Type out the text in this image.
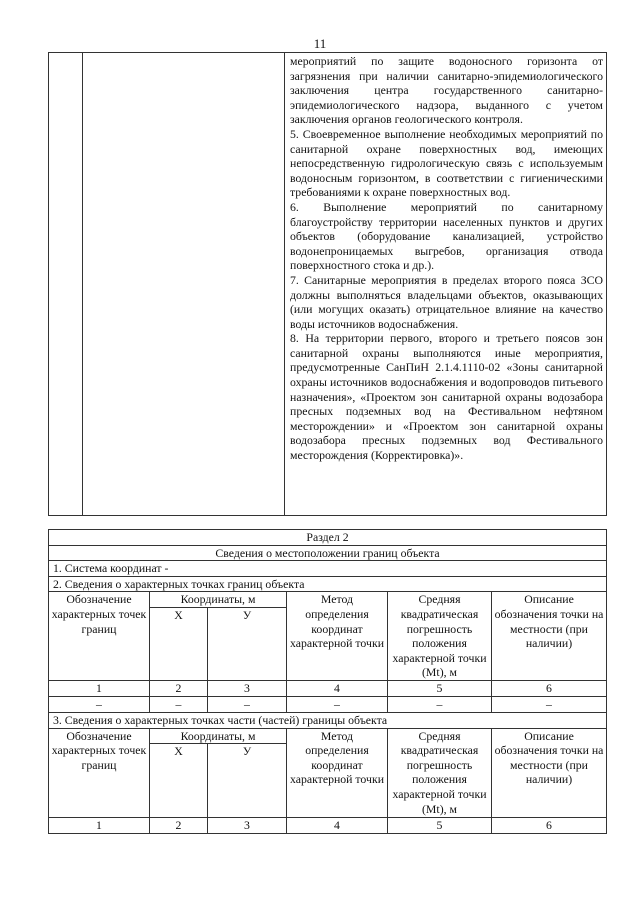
11

мероприятий по защите водоносного горизонта от загрязнения при наличии санитарно-эпидемиологического заключения центра государственного санитарно-эпидемиологического надзора, выданного с учетом заключения органов геологического контроля.

5. Своевременное выполнение необходимых мероприятий по санитарной охране поверхностных вод, имеющих непосредственную гидрологическую связь с используемым водоносным горизонтом, в соответствии с гигиеническими требованиями к охране поверхностных вод.

6. Выполнение мероприятий по санитарному благоустройству территории населенных пунктов и других объектов (оборудование канализацией, устройство водонепроницаемых выгребов, организация отвода поверхностного стока и др.).

7. Санитарные мероприятия в пределах второго пояса ЗСО должны выполняться владельцами объектов, оказывающих (или могущих оказать) отрицательное влияние на качество воды источников водоснабжения.

8. На территории первого, второго и третьего поясов зон санитарной охраны выполняются иные мероприятия, предусмотренные СанПиН 2.1.4.1110-02 «Зоны санитарной охраны источников водоснабжения и водопроводов питьевого назначения», «Проектом зон санитарной охраны водозабора пресных подземных вод на Фестивальном нефтяном месторождении» и «Проектом зон санитарной охраны водозабора пресных подземных вод Фестивального месторождения (Корректировка)».

Раздел 2					
Сведения о местоположении границ объекта					
1. Система координат -					
2. Сведения о характерных точках границ объекта					
Обозначение характерных точек границ	Координаты, м		Метод определения координат характерной точки	Средняя квадратическая погрешность положения характерной точки (Mt), м	Описание обозначения точки на местности (при наличии)
	X	У			
1	2	3	4	5	6
–	–	–	–	–	–
3. Сведения о характерных точках части (частей) границы объекта					
Обозначение характерных точек границ	Координаты, м		Метод определения координат характерной точки	Средняя квадратическая погрешность положения характерной точки (Mt), м	Описание обозначения точки на местности (при наличии)
	X	У			
1	2	3	4	5	6
